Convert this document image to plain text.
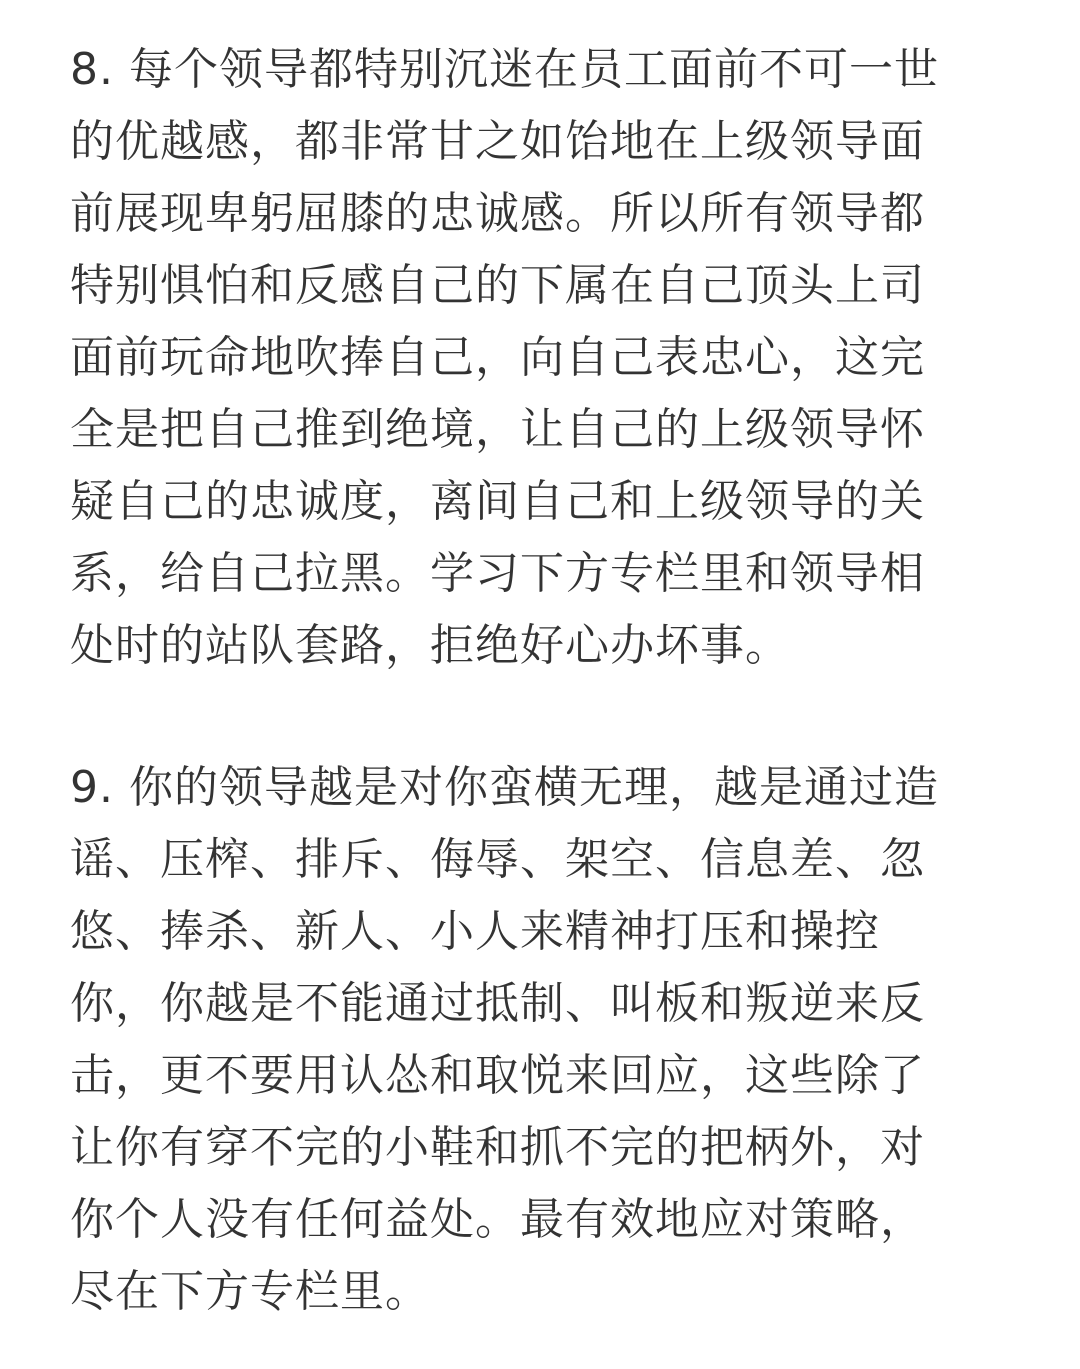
8. 每个领导都特别沉迷在员工面前不可一世
的优越感，都非常甘之如饴地在上级领导面
前展现卑躬屈膝的忠诚感。所以所有领导都
特别惧怕和反感自己的下属在自己顶头上司
面前玩命地吹捧自己，向自己表忠心，这完
全是把自己推到绝境，让自己的上级领导怀
疑自己的忠诚度，离间自己和上级领导的关
系，给自己拉黑。学习下方专栏里和领导相
处时的站队套路，拒绝好心办坏事。
9. 你的领导越是对你蛮横无理，越是通过造
谣、压榨、排斥、侮辱、架空、信息差、忽
悠、捧杀、新人、小人来精神打压和操控
你，你越是不能通过抵制、叫板和叛逆来反
击，更不要用认怂和取悦来回应，这些除了
让你有穿不完的小鞋和抓不完的把柄外，对
你个人没有任何益处。最有效地应对策略，
尽在下方专栏里。
